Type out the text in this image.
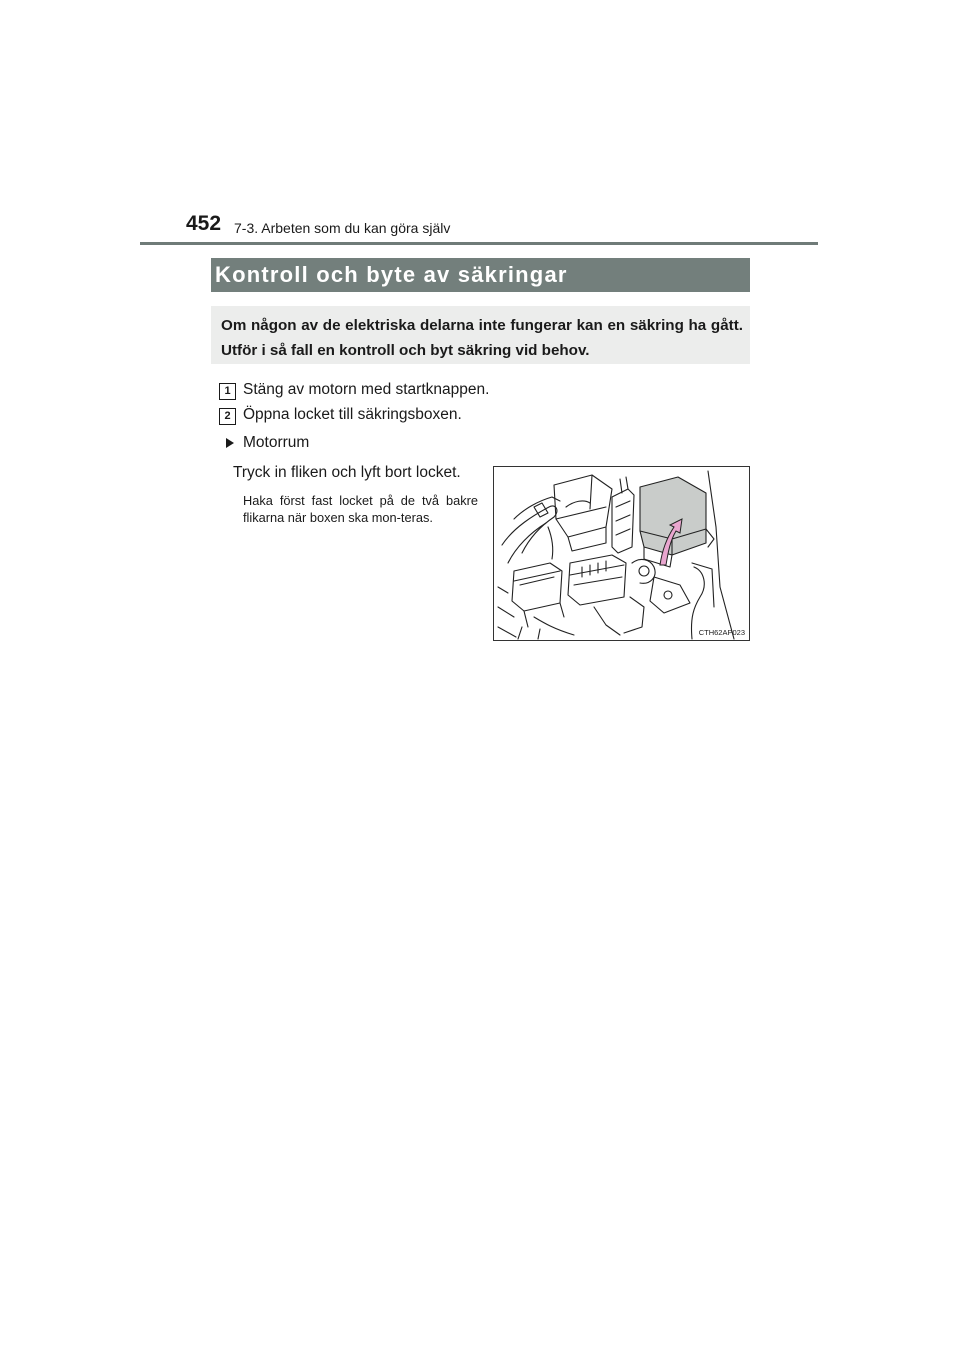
452 7-3. Arbeten som du kan göra själv
Kontroll och byte av säkringar
Om någon av de elektriska delarna inte fungerar kan en säkring ha gått. Utför i så fall en kontroll och byt säkring vid behov.
1 Stäng av motorn med startknappen.
2 Öppna locket till säkringsboxen.
Motorrum
Tryck in fliken och lyft bort locket.
Haka först fast locket på de två bakre flikarna när boxen ska mon-teras.
CTH62AP023
